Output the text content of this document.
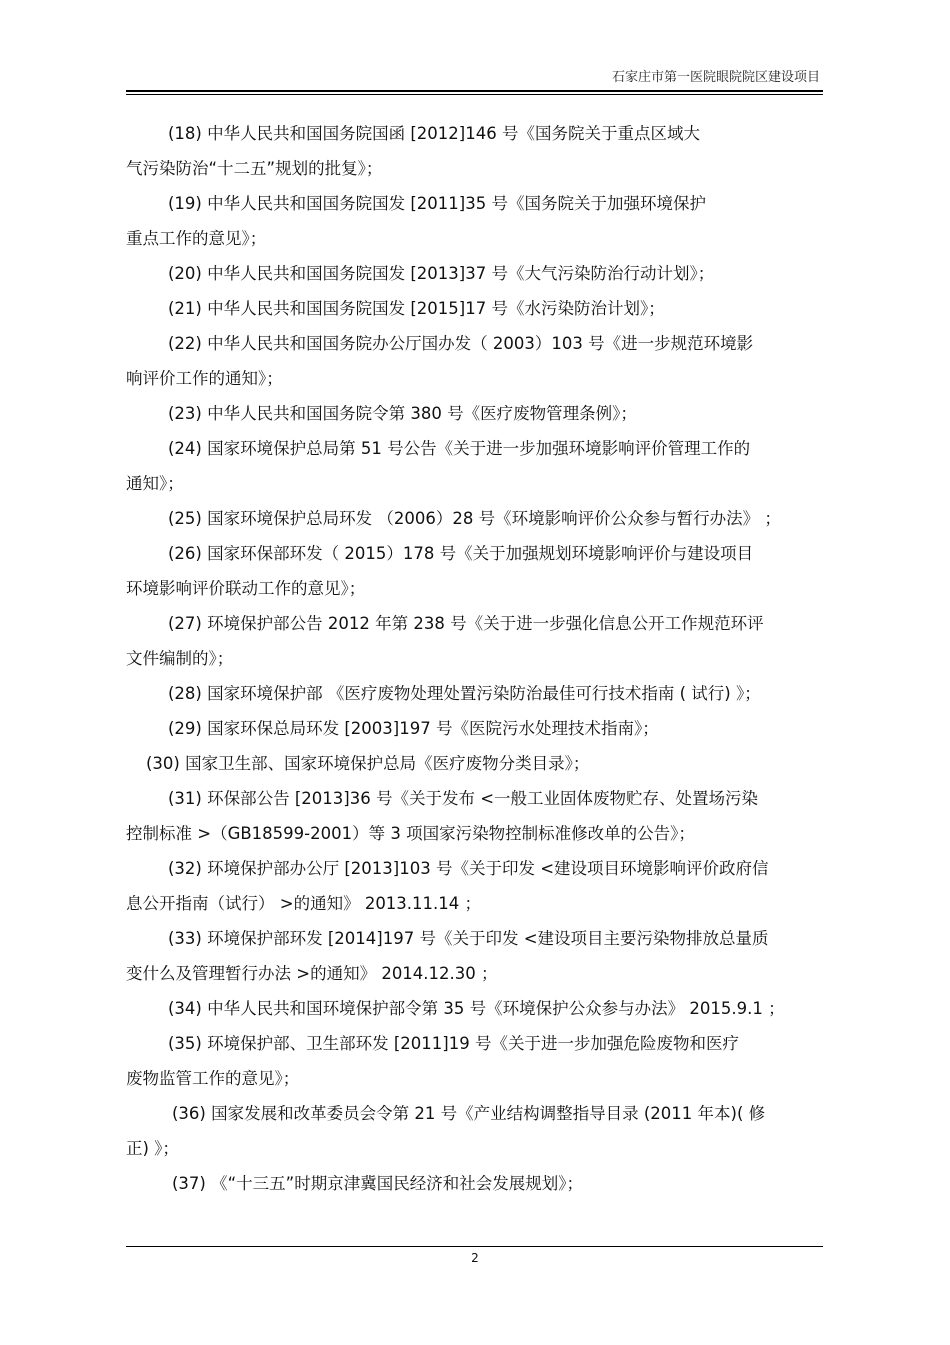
石家庄市第一医院眼院院区建设项目
(18) 中华人民共和国国务院国函 [2012]146 号《国务院关于重点区域大
气污染防治“十二五”规划的批复》；
(19) 中华人民共和国国务院国发 [2011]35 号《国务院关于加强环境保护
重点工作的意见》；
(20) 中华人民共和国国务院国发 [2013]37 号《大气污染防治行动计划》；
(21) 中华人民共和国国务院国发 [2015]17 号《水污染防治计划》；
(22) 中华人民共和国国务院办公厅国办发（ 2003）103 号《进一步规范环境影
响评价工作的通知》；
(23) 中华人民共和国国务院令第 380 号《医疗废物管理条例》；
(24) 国家环境保护总局第 51 号公告《关于进一步加强环境影响评价管理工作的
通知》；
(25) 国家环境保护总局环发 （2006）28 号《环境影响评价公众参与暂行办法》 ；
(26) 国家环保部环发（ 2015）178 号《关于加强规划环境影响评价与建设项目
环境影响评价联动工作的意见》；
(27) 环境保护部公告 2012 年第 238 号《关于进一步强化信息公开工作规范环评
文件编制的》；
(28) 国家环境保护部 《医疗废物处理处置污染防治最佳可行技术指南 ( 试行) 》；
(29) 国家环保总局环发 [2003]197 号《医院污水处理技术指南》；
(30) 国家卫生部、国家环境保护总局《医疗废物分类目录》；
(31) 环保部公告 [2013]36 号《关于发布 <一般工业固体废物贮存、处置场污染
控制标准 >（GB18599-2001）等 3 项国家污染物控制标准修改单的公告》；
(32) 环境保护部办公厅 [2013]103 号《关于印发 <建设项目环境影响评价政府信
息公开指南（试行） >的通知》 2013.11.14 ；
(33) 环境保护部环发 [2014]197 号《关于印发 <建设项目主要污染物排放总量质
变什么及管理暂行办法 >的通知》 2014.12.30 ；
(34) 中华人民共和国环境保护部令第 35 号《环境保护公众参与办法》 2015.9.1 ；
(35) 环境保护部、卫生部环发 [2011]19 号《关于进一步加强危险废物和医疗
废物监管工作的意见》；
(36) 国家发展和改革委员会令第 21 号《产业结构调整指导目录 (2011 年本)( 修
正) 》；
(37) 《“十三五”时期京津冀国民经济和社会发展规划》；
2
